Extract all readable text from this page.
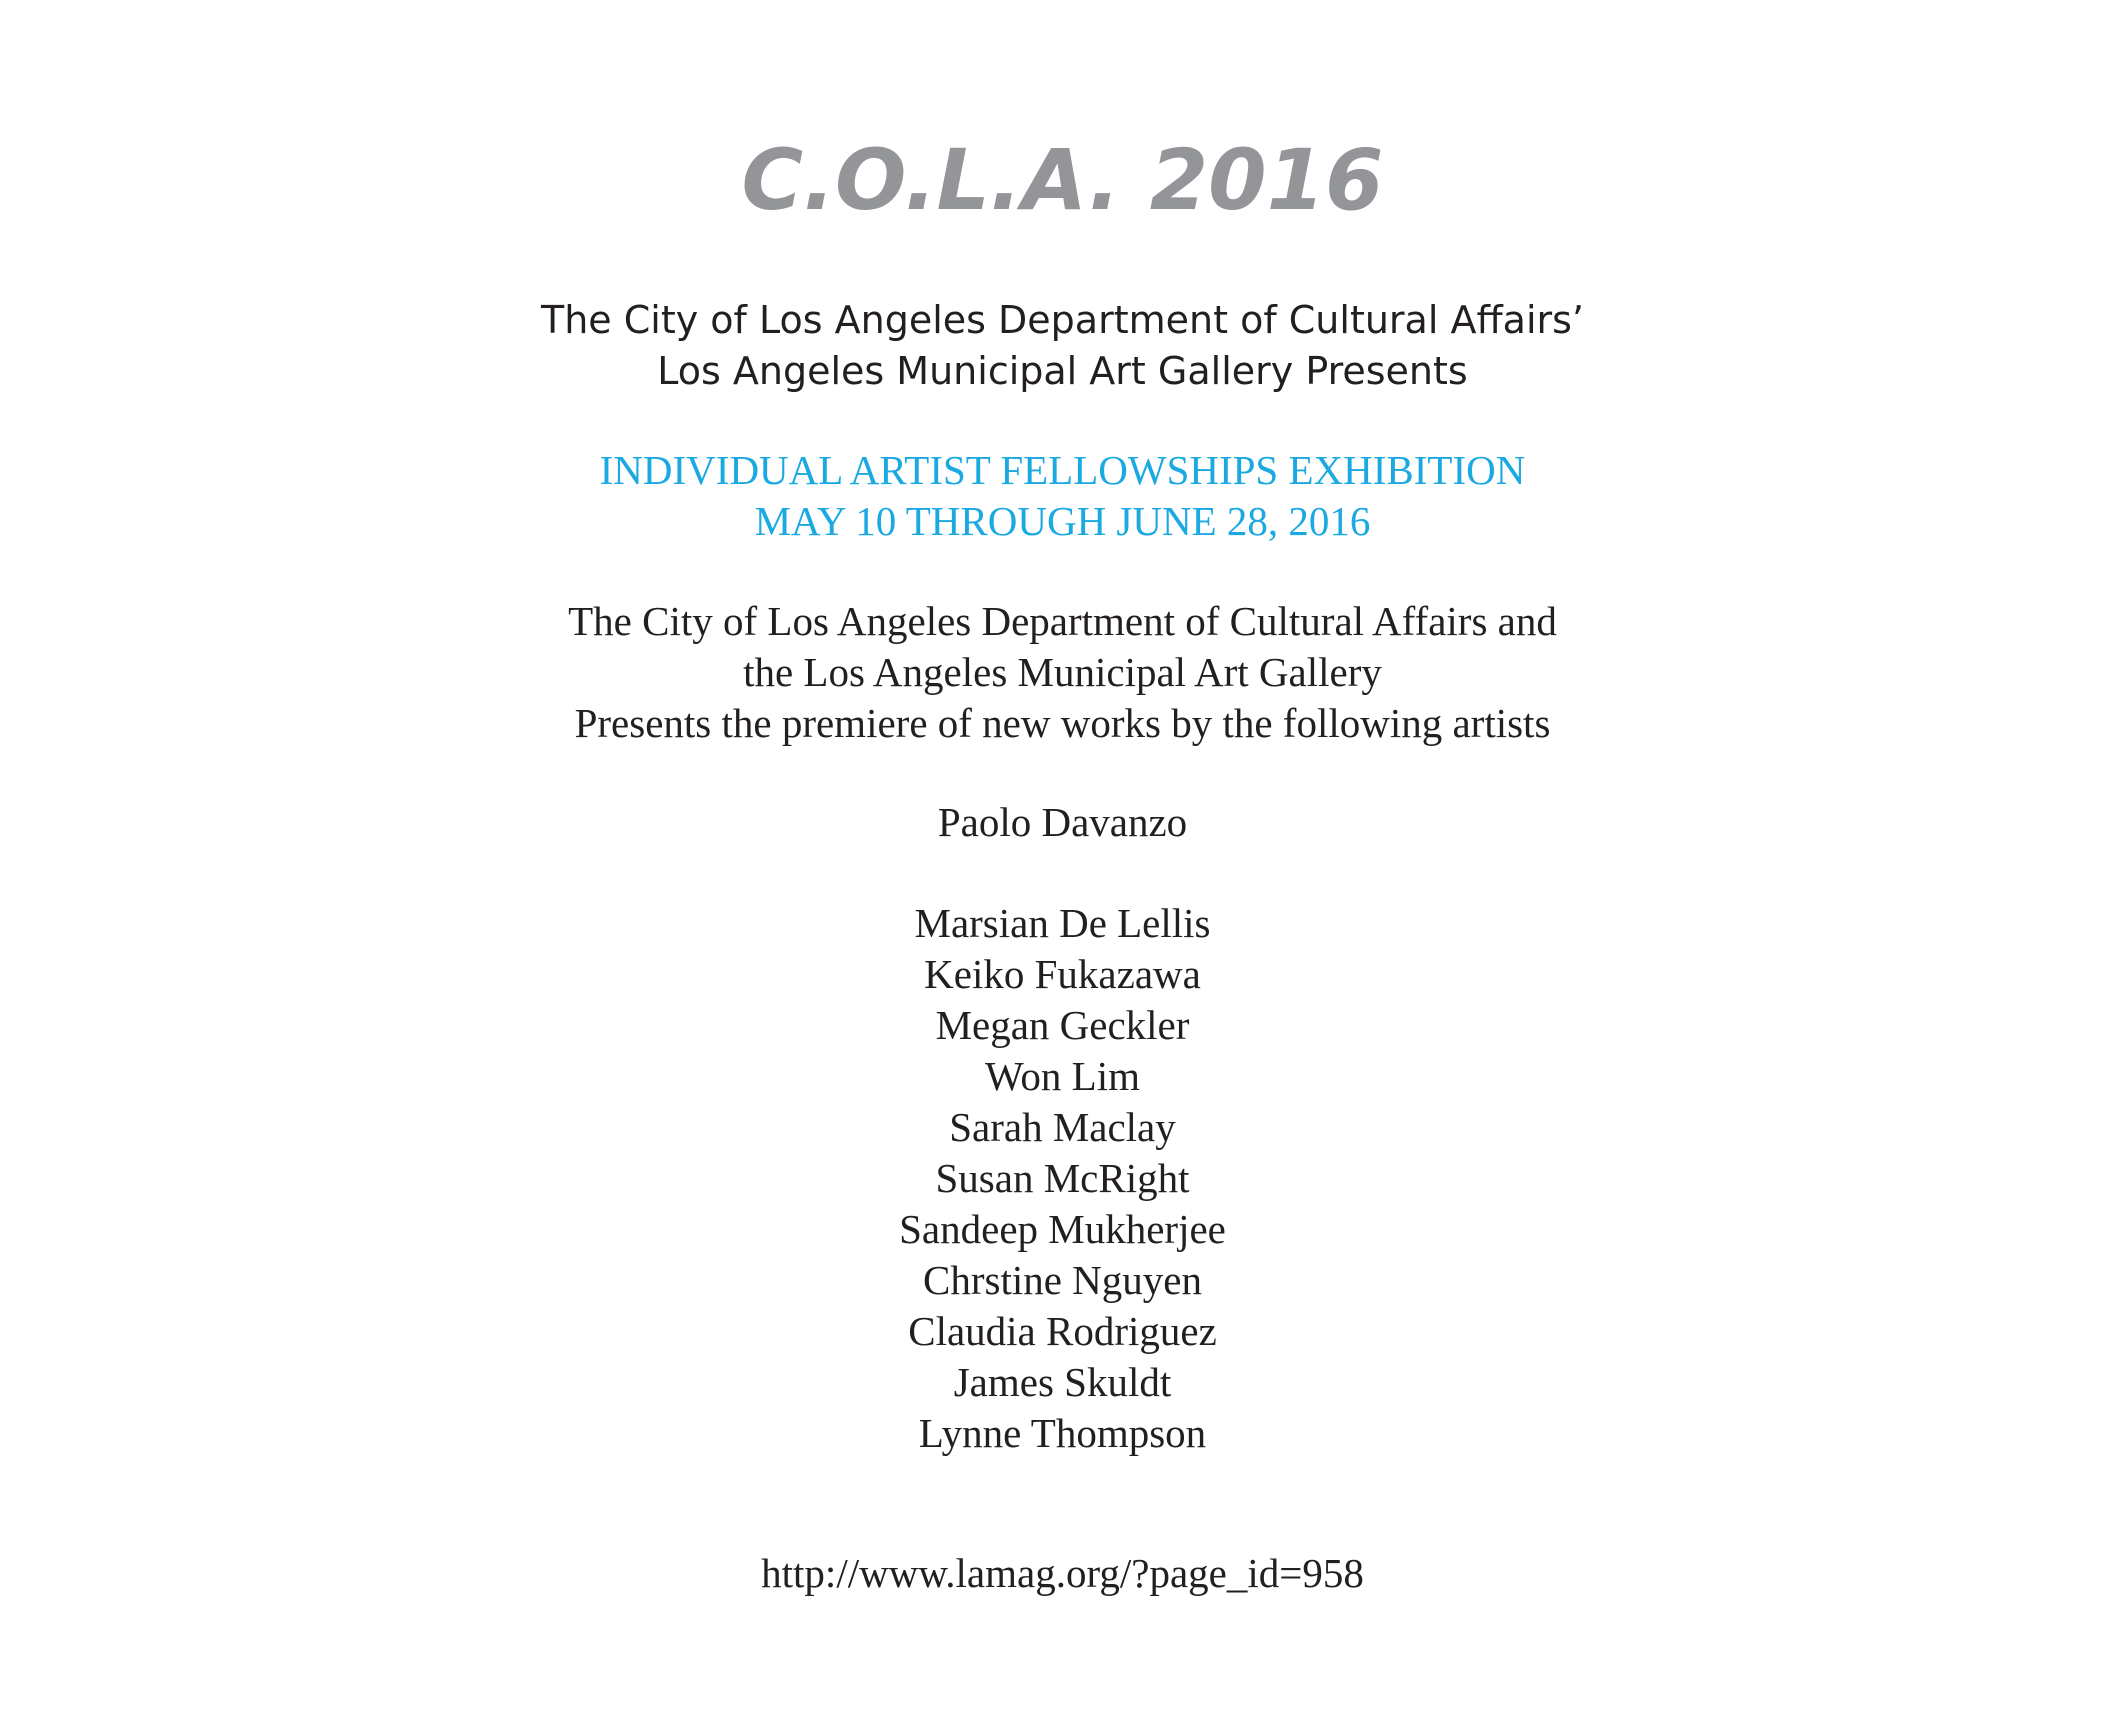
C.O.L.A. 2016
The City of Los Angeles Department of Cultural Affairs’
Los Angeles Municipal Art Gallery Presents
INDIVIDUAL ARTIST FELLOWSHIPS EXHIBITION
MAY 10 THROUGH JUNE 28, 2016
The City of Los Angeles Department of Cultural Affairs and
the Los Angeles Municipal Art Gallery
Presents the premiere of new works by the following artists
Paolo Davanzo
Marsian De Lellis
Keiko Fukazawa
Megan Geckler
Won Lim
Sarah Maclay
Susan McRight
Sandeep Mukherjee
Chrstine Nguyen
Claudia Rodriguez
James Skuldt
Lynne Thompson
http://www.lamag.org/?page_id=958
